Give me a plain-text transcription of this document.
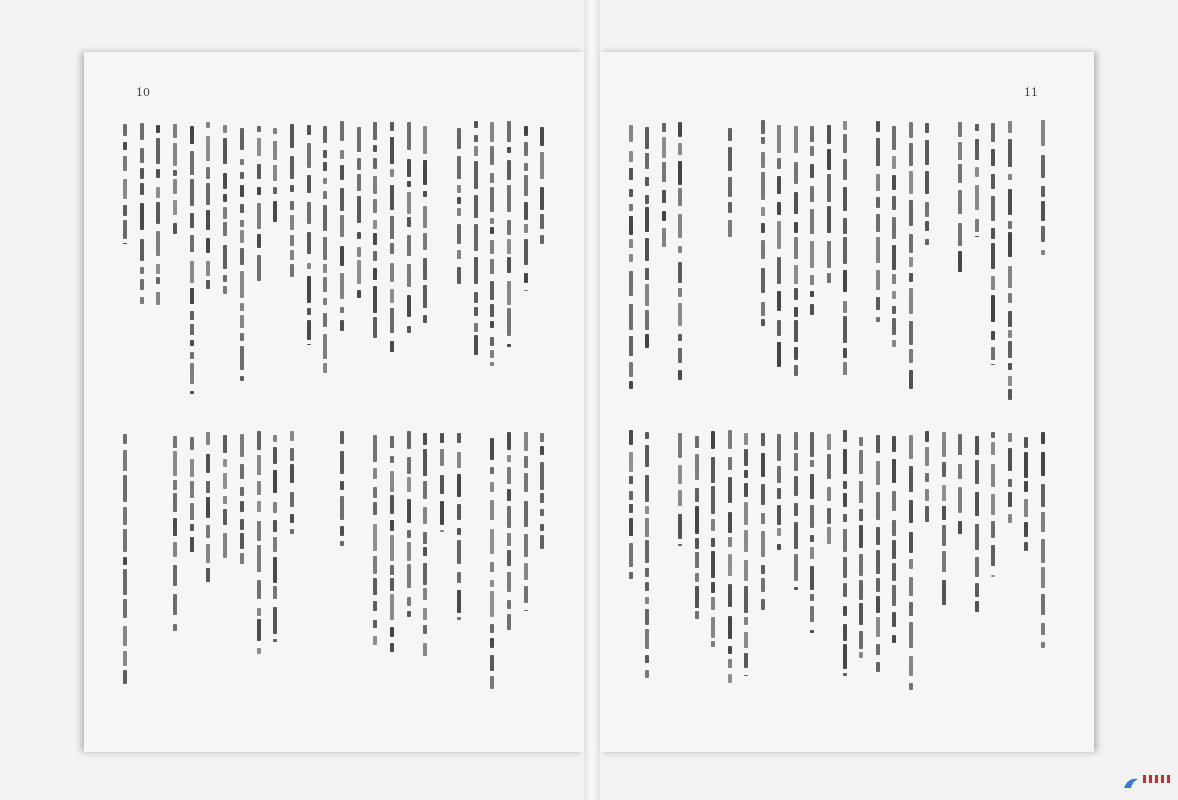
10	11
